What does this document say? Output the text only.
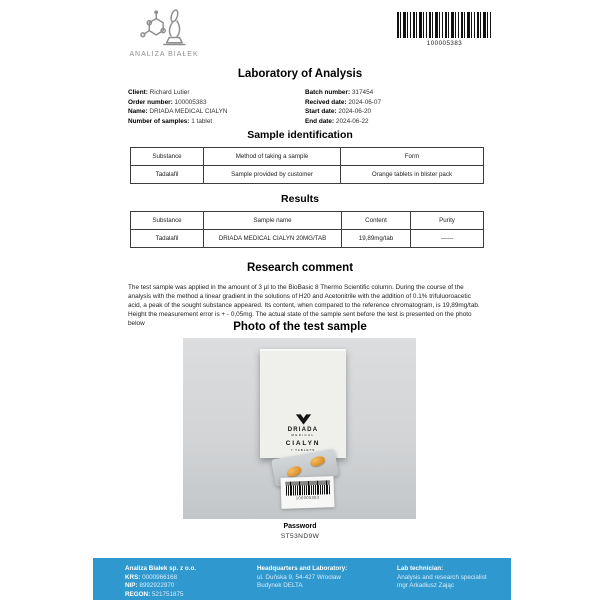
ANALIZA BIAŁEK
100005383
Laboratory of Analysis
Client: Richard Lutier
Order number: 100005383
Name: DRIADA MEDICAL CIALYN
Number of samples: 1 tablet
Batch number: 317454
Recived date: 2024-06-07
Start date: 2024-06-20
End date: 2024-06-22
Sample identification
Substance	Method of taking a sample	Form
Tadalafil	Sample provided by customer	Orange tablets in blister pack
Results
Substance	Sample name	Content	Purity
Tadalafil	DRIADA MEDICAL CIALYN 20MG/TAB	19,89mg/tab	------
Research comment

The test sample was applied in the amount of 3 µl to the BioBasic 8 Thermo Scientific column. During the course of the analysis with the method a linear gradient in the solutions of H20 and Acetonitrile with the addition of 0.1% trifuluoroacetic acid, a peak of the sought substance appeared. Its content, when compared to the reference chromatogram, is 19,89mg/tab. Height the measurement error is + - 0,05mg. The actual state of the sample sent before the test is presented on the photo below	Photo of the test sample
DRIADA
MEDICAL
CIALYN
7 TABLETS
100005383
Password
ST53ND9W
Analiza Białek sp. z o.o.
KRS: 0000966168
NIP: 8992922970
REGON: 521751875
Headquarters and Laboratory:
ul. Duńska 9, 54-427 Wrocław
Budynek DELTA
Lab technician:
Analysis and research specialist
mgr Arkadiusz Zając
